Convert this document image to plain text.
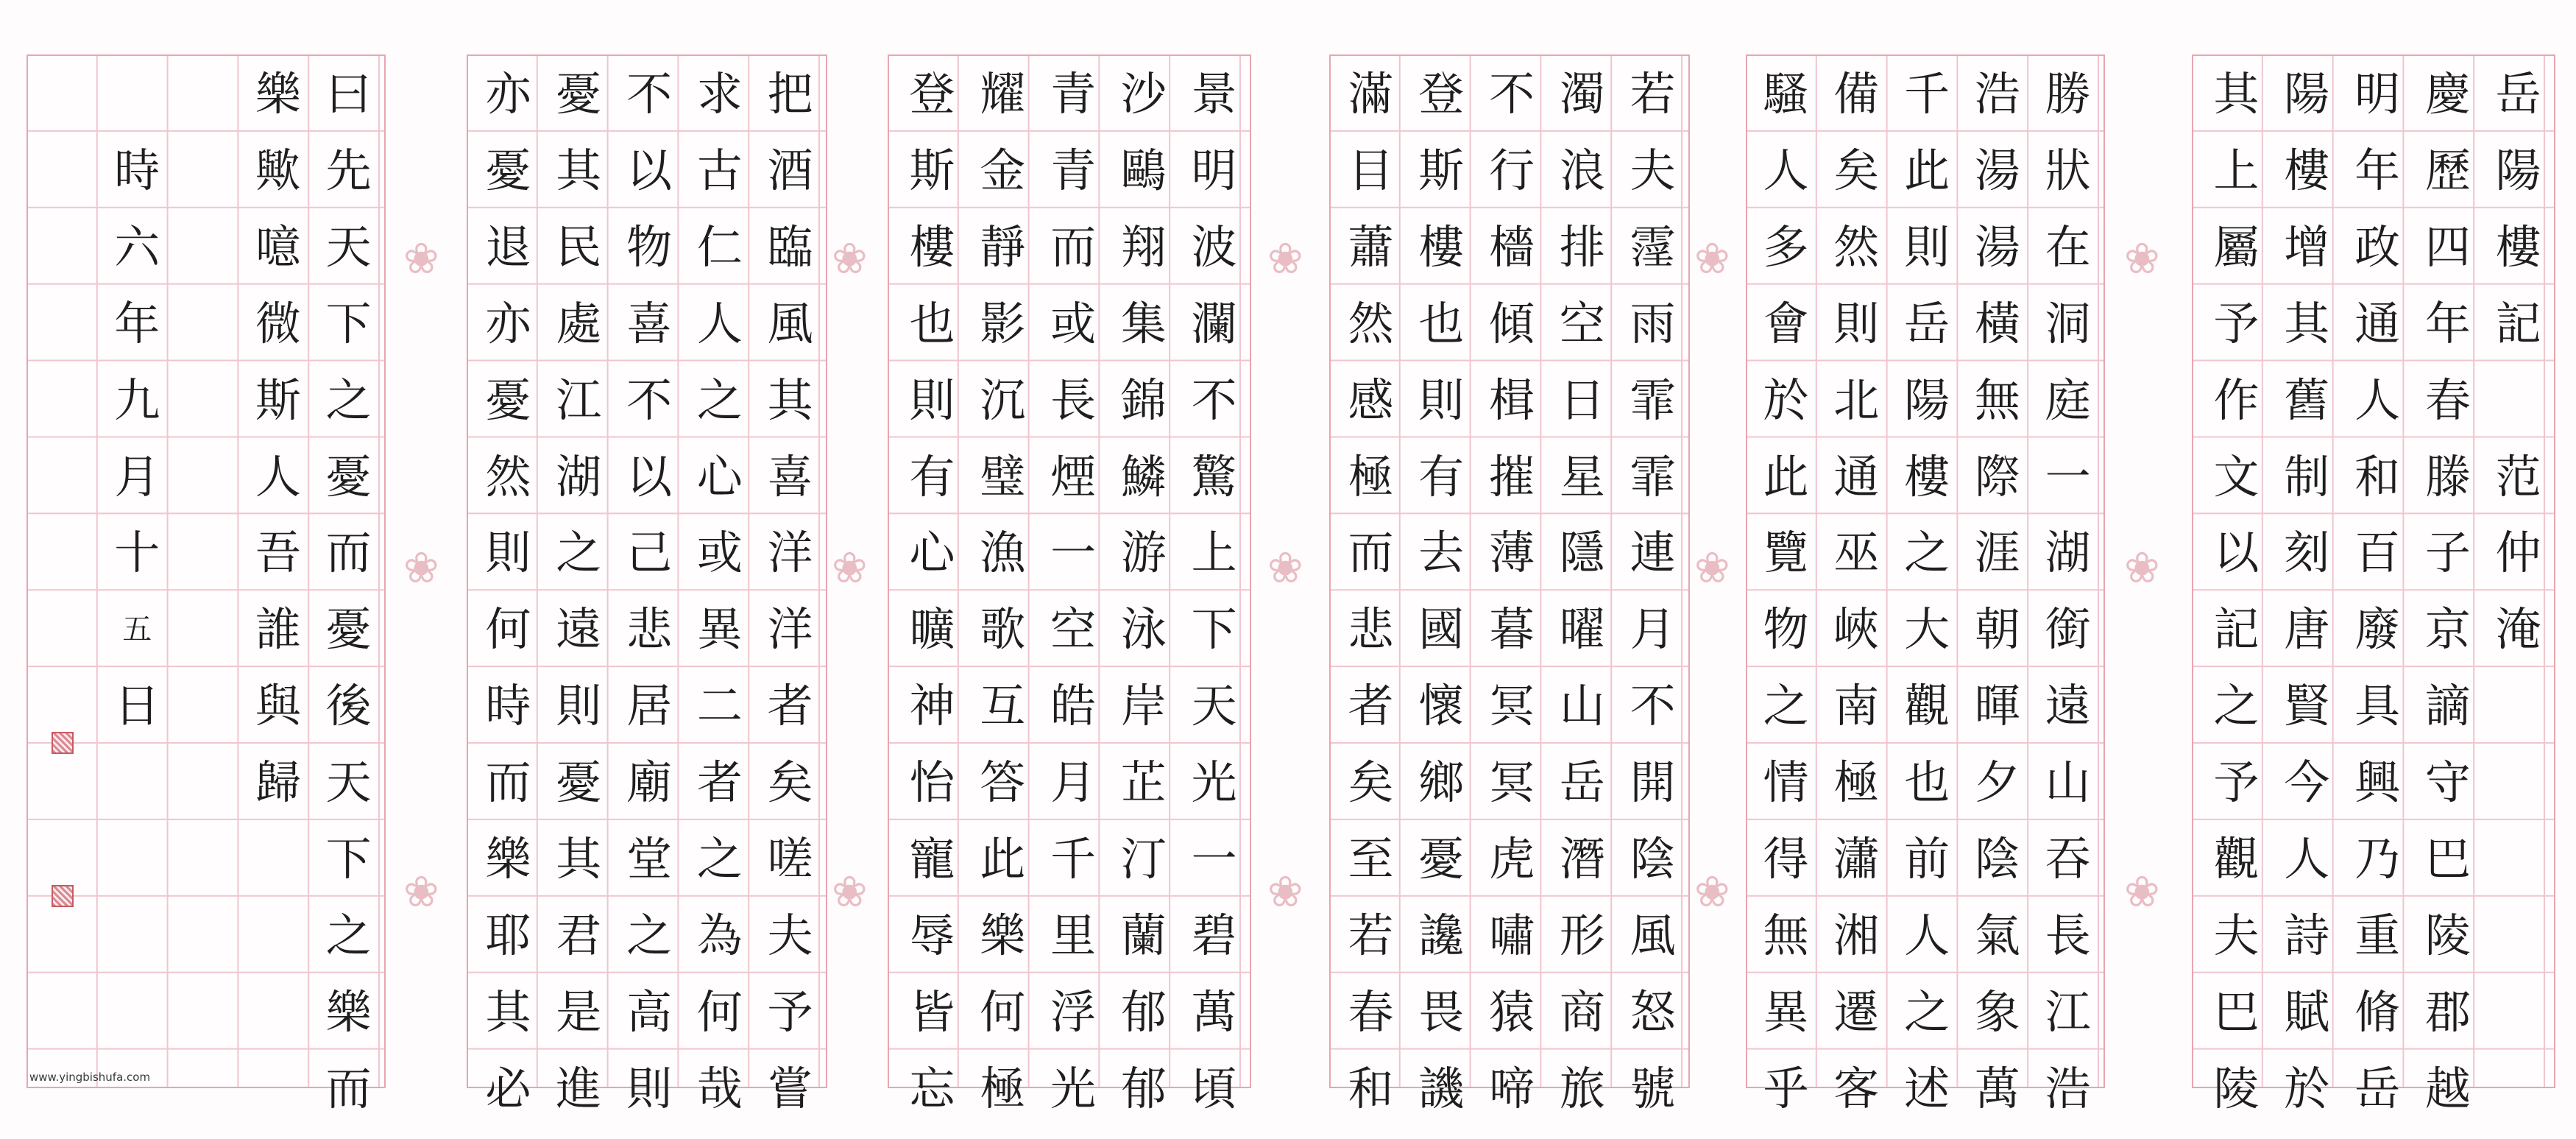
曰
先
天
下
之
憂
而
憂
後
天
下
之
樂
而
樂
歟
噫
微
斯
人
吾
誰
與
歸
時
六
年
九
月
十
五
日
把
酒
臨
風
其
喜
洋
洋
者
矣
嗟
夫
予
嘗
求
古
仁
人
之
心
或
異
二
者
之
為
何
哉
不
以
物
喜
不
以
己
悲
居
廟
堂
之
高
則
憂
其
民
處
江
湖
之
遠
則
憂
其
君
是
進
亦
憂
退
亦
憂
然
則
何
時
而
樂
耶
其
必
景
明
波
瀾
不
驚
上
下
天
光
一
碧
萬
頃
沙
鷗
翔
集
錦
鱗
游
泳
岸
芷
汀
蘭
郁
郁
青
青
而
或
長
煙
一
空
皓
月
千
里
浮
光
耀
金
靜
影
沉
璧
漁
歌
互
答
此
樂
何
極
登
斯
樓
也
則
有
心
曠
神
怡
寵
辱
皆
忘
若
夫
霪
雨
霏
霏
連
月
不
開
陰
風
怒
號
濁
浪
排
空
日
星
隱
曜
山
岳
潛
形
商
旅
不
行
檣
傾
楫
摧
薄
暮
冥
冥
虎
嘯
猿
啼
登
斯
樓
也
則
有
去
國
懷
鄉
憂
讒
畏
譏
滿
目
蕭
然
感
極
而
悲
者
矣
至
若
春
和
勝
狀
在
洞
庭
一
湖
銜
遠
山
吞
長
江
浩
浩
湯
湯
橫
無
際
涯
朝
暉
夕
陰
氣
象
萬
千
此
則
岳
陽
樓
之
大
觀
也
前
人
之
述
備
矣
然
則
北
通
巫
峽
南
極
瀟
湘
遷
客
騷
人
多
會
於
此
覽
物
之
情
得
無
異
乎
岳
陽
樓
記
范
仲
淹
慶
歷
四
年
春
滕
子
京
謫
守
巴
陵
郡
越
明
年
政
通
人
和
百
廢
具
興
乃
重
脩
岳
陽
樓
增
其
舊
制
刻
唐
賢
今
人
詩
賦
於
其
上
屬
予
作
文
以
記
之
予
觀
夫
巴
陵
❀
❀
❀
❀
❀
❀
❀
❀
❀
❀
❀
❀
❀
❀
❀
www.yingbishufa.com
